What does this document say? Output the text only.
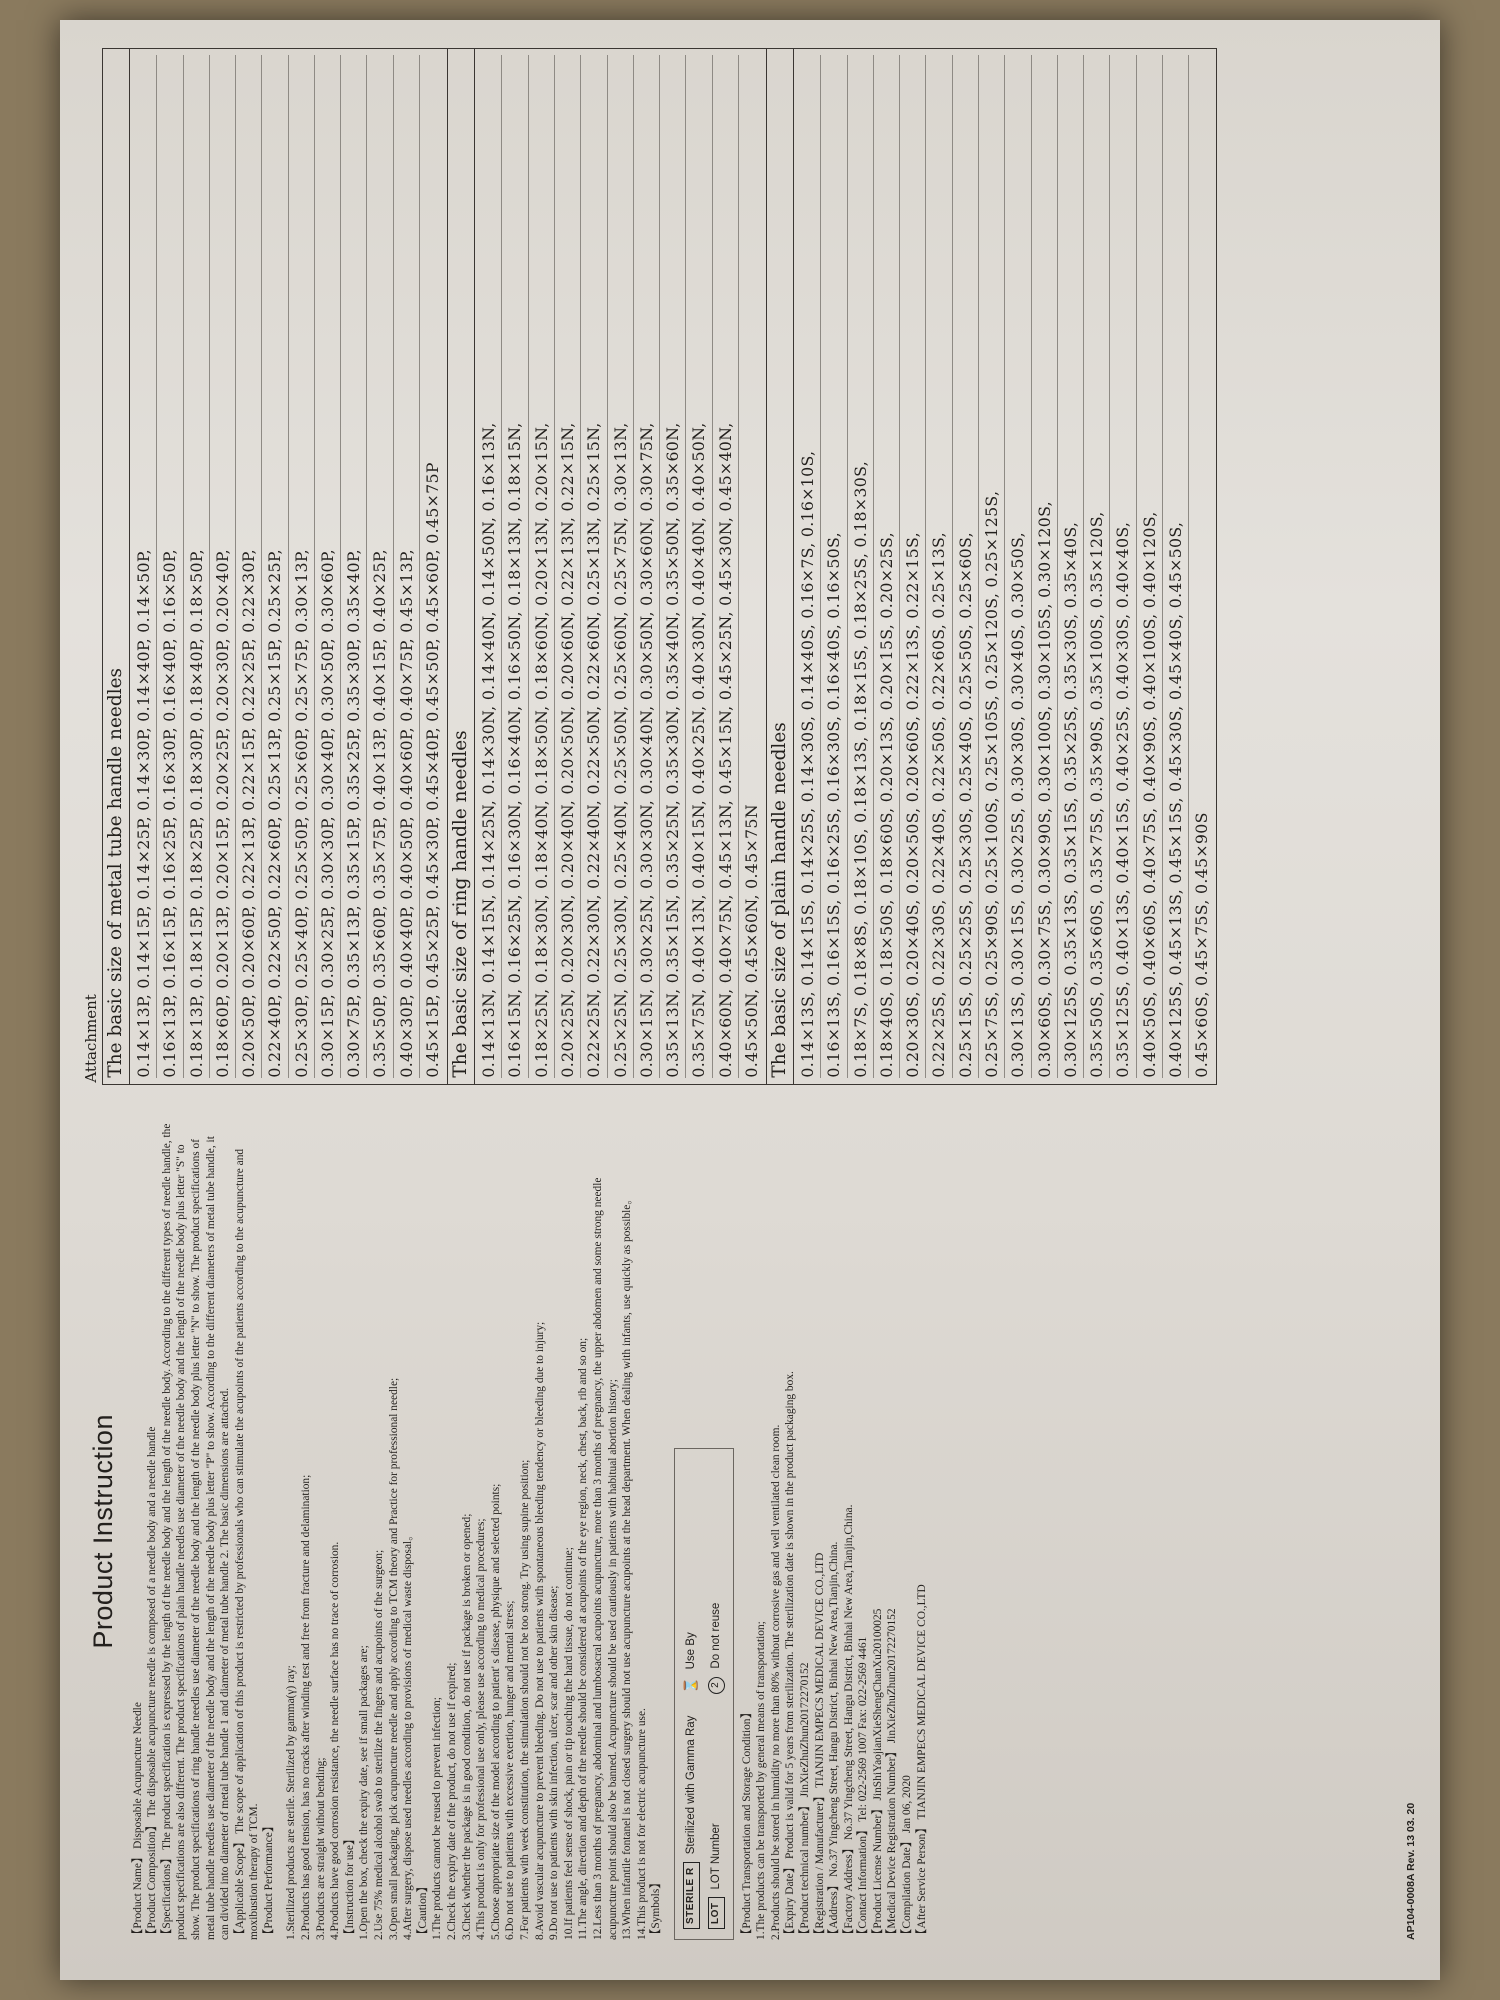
Product Instruction

【Product Name】 Disposable Acupuncture Needle 【Product Composition】 The disposable acupuncture needle is composed of a needle body and a needle handle 【Specifications】 The product specification is expressed by the length of the needle body and the length of the needle body. According to the different types of needle handle, the product specifications are also different. The product specifications of plain handle needles use diameter of the needle body and the length of the needle body plus letter "S" to show. The product specifications of ring handle needles use diameter of the needle body and the length of the needle body plus letter "N" to show. The product specifications of metal tube handle needles use diameter of the needle body and the length of the needle body plus letter "P" to show. According to the different diameters of metal tube handle, it can divided into diameter of metal tube handle 1 and diameter of metal tube handle 2. The basic dimensions are attached. 【Applicable Scope】 The scope of application of this product is restricted by professionals who can stimulate the acupoints of the patients according to the acupuncture and moxibustion therapy of TCM. 【Product Performance】 1.Sterilized products are sterile. Sterilized by gamma(γ) ray; 2.Products has good tension, has no cracks after winding test and free from fracture and delamination; 3.Products are straight without bending; 4.Products have good corrosion resistance, the needle surface has no trace of corrosion. 【Instruction for use】 1.Open the box, check the expiry date, see if small packages are; 2.Use 75% medical alcohol swab to sterilize the fingers and acupoints of the surgeon; 3.Open small packaging, pick acupuncture needle and apply according to TCM theory and Practice for professional needle; 4.After surgery, dispose used needles according to provisions of medical waste disposal。 【Caution】 1.The products cannot be reused to prevent infection; 2.Check the expiry date of the product, do not use if expired; 3.Check whether the package is in good condition, do not use if package is broken or opened; 4.This product is only for professional use only, please use according to medical procedures; 5.Choose appropriate size of the model according to patient' s disease, physique and selected points; 6.Do not use to patients with excessive exertion, hunger and mental stress; 7.For patients with week constitution, the stimulation should not be too strong. Try using supine position; 8.Avoid vascular acupuncture to prevent bleeding. Do not use to patients with spontaneous bleeding tendency or bleeding due to injury; 9.Do not use to patients with skin infection, ulcer, scar and other skin disease; 10.If patients feel sense of shock, pain or tip touching the hard tissue, do not continue; 11.The angle, direction and depth of the needle should be considered at acupoints of the eye region, neck, chest, back, rib and so on; 12.Less than 3 months of pregnancy, abdominal and lumbosacral acupoints acupuncture, more than 3 months of pregnancy, the upper abdomen and some strong needle acupuncture point should also be banned. Acupuncture should be used cautiously in patients with habitual abortion history; 13.When infantile fontanel is not closed surgery should not use acupuncture acupoints at the head department. When dealing with infants, use quickly as possible。 14.This product is not for electric acupuncture use. 【Symbols】 STERILE R
Sterilized with Gamma Ray
LOT
LOT Number
⌛
Use By
2
Do not reuse

【Product Transportation and Storage Condition】 1.The products can be transported by general means of transportation; 2.Products should be stored in humidity no more than 80% without corrosive gas and well ventilated clean room. 【Expiry Date】 Product is valid for 5 years from sterilization. The sterilization date is shown in the product packaging box. 【Product technical number】 JinXieZhuZhun20172270152 【Registration / Manufacturer】 TIANJIN EMPECS MEDICAL DEVICE CO.,LTD 【Address】 No.37 Yingcheng Street, Hangu District, Binhai New Area,Tianjin,China. 【Factory Address】 No.37 Yingcheng Street, Hangu District, Binhai New Area,Tianjin,China. 【Contact Information】 Tel: 022-2569 1007 Fax: 022-2569 4461 【Product License Number】 JinShiYaojianXieShengChanXu20100025 【Medical Device Registration Number】 JinXieZhuZhun20172270152 【Compilation Date】 Jan 06, 2020 【After Service Person】 TIANJIN EMPECS MEDICAL DEVICE CO.,LTD	AP104-0008A Rev. 13 03. 20
Attachment The basic size of metal tube handle needles 0.14×13P, 0.14×15P, 0.14×25P, 0.14×30P, 0.14×40P, 0.14×50P, 0.16×13P, 0.16×15P, 0.16×25P, 0.16×30P, 0.16×40P, 0.16×50P, 0.18×13P, 0.18×15P, 0.18×25P, 0.18×30P, 0.18×40P, 0.18×50P, 0.18×60P, 0.20×13P, 0.20×15P, 0.20×25P, 0.20×30P, 0.20×40P, 0.20×50P, 0.20×60P, 0.22×13P, 0.22×15P, 0.22×25P, 0.22×30P, 0.22×40P, 0.22×50P, 0.22×60P, 0.25×13P, 0.25×15P, 0.25×25P, 0.25×30P, 0.25×40P, 0.25×50P, 0.25×60P, 0.25×75P, 0.30×13P, 0.30×15P, 0.30×25P, 0.30×30P, 0.30×40P, 0.30×50P, 0.30×60P, 0.30×75P, 0.35×13P, 0.35×15P, 0.35×25P, 0.35×30P, 0.35×40P, 0.35×50P, 0.35×60P, 0.35×75P, 0.40×13P, 0.40×15P, 0.40×25P, 0.40×30P, 0.40×40P, 0.40×50P, 0.40×60P, 0.40×75P, 0.45×13P, 0.45×15P, 0.45×25P, 0.45×30P, 0.45×40P, 0.45×50P, 0.45×60P, 0.45×75P The basic size of ring handle needles 0.14×13N, 0.14×15N, 0.14×25N, 0.14×30N, 0.14×40N, 0.14×50N, 0.16×13N, 0.16×15N, 0.16×25N, 0.16×30N, 0.16×40N, 0.16×50N, 0.18×13N, 0.18×15N, 0.18×25N, 0.18×30N, 0.18×40N, 0.18×50N, 0.18×60N, 0.20×13N, 0.20×15N, 0.20×25N, 0.20×30N, 0.20×40N, 0.20×50N, 0.20×60N, 0.22×13N, 0.22×15N, 0.22×25N, 0.22×30N, 0.22×40N, 0.22×50N, 0.22×60N, 0.25×13N, 0.25×15N, 0.25×25N, 0.25×30N, 0.25×40N, 0.25×50N, 0.25×60N, 0.25×75N, 0.30×13N, 0.30×15N, 0.30×25N, 0.30×30N, 0.30×40N, 0.30×50N, 0.30×60N, 0.30×75N, 0.35×13N, 0.35×15N, 0.35×25N, 0.35×30N, 0.35×40N, 0.35×50N, 0.35×60N, 0.35×75N, 0.40×13N, 0.40×15N, 0.40×25N, 0.40×30N, 0.40×40N, 0.40×50N, 0.40×60N, 0.40×75N, 0.45×13N, 0.45×15N, 0.45×25N, 0.45×30N, 0.45×40N, 0.45×50N, 0.45×60N, 0.45×75N The basic size of plain handle needles 0.14×13S, 0.14×15S, 0.14×25S, 0.14×30S, 0.14×40S, 0.16×7S, 0.16×10S, 0.16×13S, 0.16×15S, 0.16×25S, 0.16×30S, 0.16×40S, 0.16×50S, 0.18×7S, 0.18×8S, 0.18×10S, 0.18×13S, 0.18×15S, 0.18×25S, 0.18×30S, 0.18×40S, 0.18×50S, 0.18×60S, 0.20×13S, 0.20×15S, 0.20×25S, 0.20×30S, 0.20×40S, 0.20×50S, 0.20×60S, 0.22×13S, 0.22×15S, 0.22×25S, 0.22×30S, 0.22×40S, 0.22×50S, 0.22×60S, 0.25×13S, 0.25×15S, 0.25×25S, 0.25×30S, 0.25×40S, 0.25×50S, 0.25×60S, 0.25×75S, 0.25×90S, 0.25×100S, 0.25×105S, 0.25×120S, 0.25×125S, 0.30×13S, 0.30×15S, 0.30×25S, 0.30×30S, 0.30×40S, 0.30×50S, 0.30×60S, 0.30×75S, 0.30×90S, 0.30×100S, 0.30×105S, 0.30×120S, 0.30×125S, 0.35×13S, 0.35×15S, 0.35×25S, 0.35×30S, 0.35×40S, 0.35×50S, 0.35×60S, 0.35×75S, 0.35×90S, 0.35×100S, 0.35×120S, 0.35×125S, 0.40×13S, 0.40×15S, 0.40×25S, 0.40×30S, 0.40×40S, 0.40×50S, 0.40×60S, 0.40×75S, 0.40×90S, 0.40×100S, 0.40×120S, 0.40×125S, 0.45×13S, 0.45×15S, 0.45×30S, 0.45×40S, 0.45×50S, 0.45×60S, 0.45×75S, 0.45×90S
